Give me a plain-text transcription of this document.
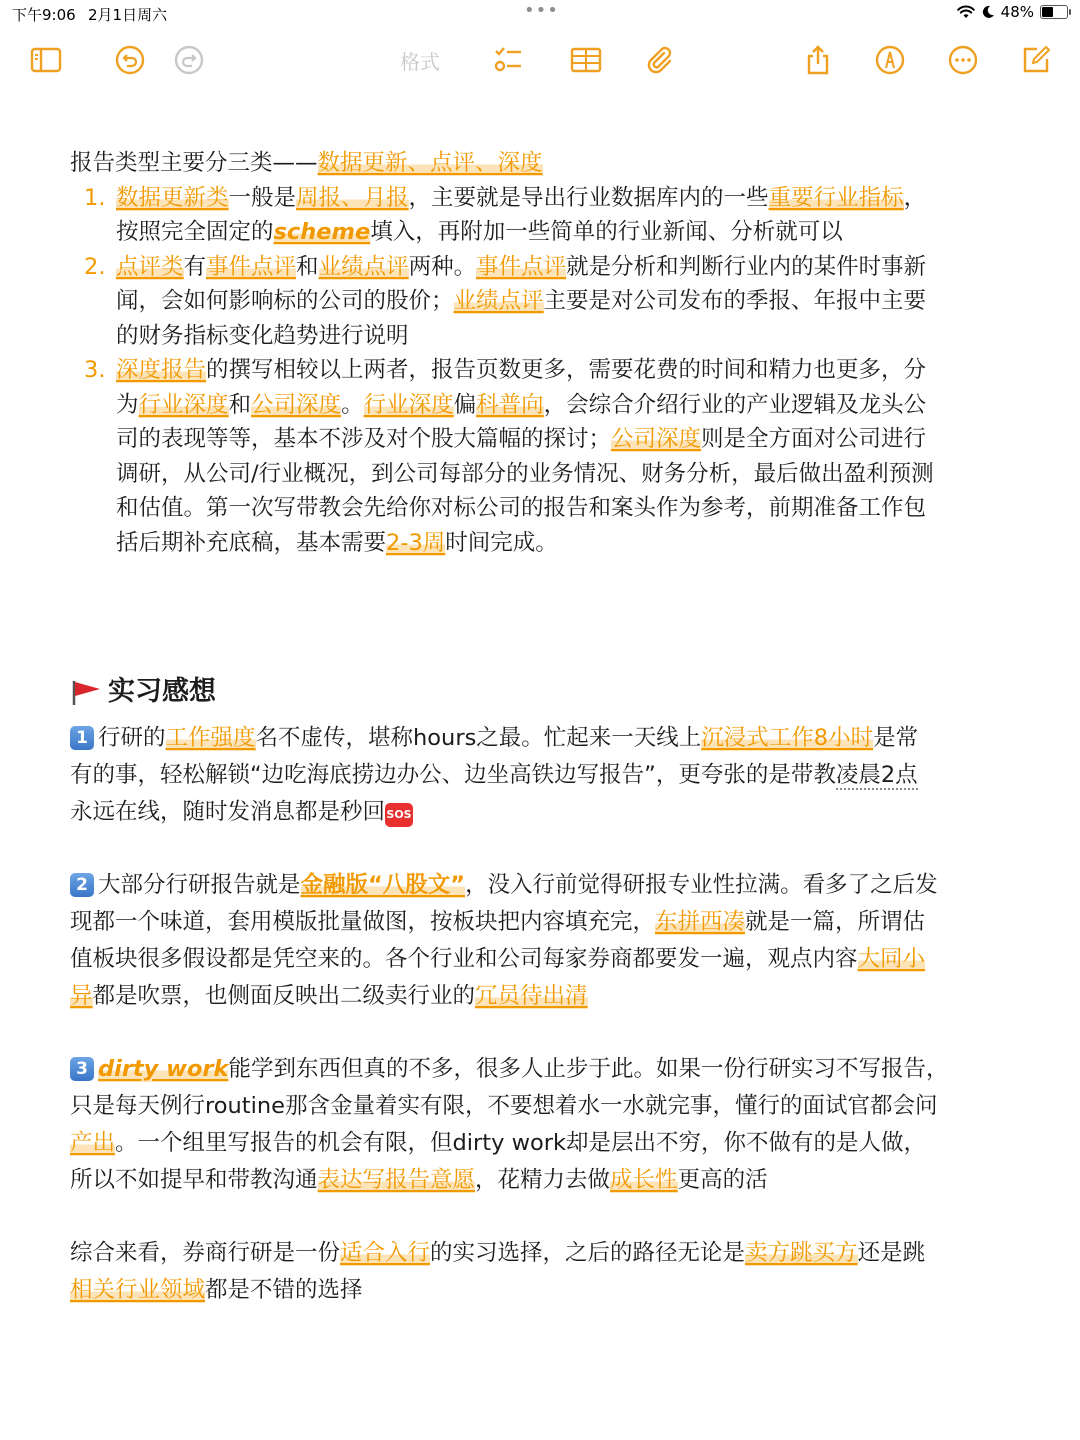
下午9:06 2月1日周六	•••	48%
格式
报告类型主要分三类——数据更新、点评、深度
1. 数据更新类一般是周报、月报，主要就是导出行业数据库内的一些重要行业指标，
按照完全固定的scheme填入，再附加一些简单的行业新闻、分析就可以
2. 点评类有事件点评和业绩点评两种。事件点评就是分析和判断行业内的某件时事新
闻，会如何影响标的公司的股价；业绩点评主要是对公司发布的季报、年报中主要
的财务指标变化趋势进行说明
3. 深度报告的撰写相较以上两者，报告页数更多，需要花费的时间和精力也更多，分
为行业深度和公司深度。行业深度偏科普向，会综合介绍行业的产业逻辑及龙头公
司的表现等等，基本不涉及对个股大篇幅的探讨；公司深度则是全方面对公司进行
调研，从公司/行业概况，到公司每部分的业务情况、财务分析，最后做出盈利预测
和估值。第一次写带教会先给你对标公司的报告和案头作为参考，前期准备工作包
括后期补充底稿，基本需要2-3周时间完成。
实习感想
1 行研的工作强度名不虚传，堪称hours之最。忙起来一天线上沉浸式工作8小时是常
有的事，轻松解锁“边吃海底捞边办公、边坐高铁边写报告”，更夸张的是带教凌晨2点
永远在线，随时发消息都是秒回SOS
2 大部分行研报告就是金融版“八股文”，没入行前觉得研报专业性拉满。看多了之后发
现都一个味道，套用模版批量做图，按板块把内容填充完，东拼西凑就是一篇，所谓估
值板块很多假设都是凭空来的。各个行业和公司每家券商都要发一遍，观点内容大同小
异都是吹票，也侧面反映出二级卖行业的冗员待出清
3 dirty work能学到东西但真的不多，很多人止步于此。如果一份行研实习不写报告，
只是每天例行routine那含金量着实有限，不要想着水一水就完事，懂行的面试官都会问
产出。一个组里写报告的机会有限，但dirty work却是层出不穷，你不做有的是人做，
所以不如提早和带教沟通表达写报告意愿，花精力去做成长性更高的活
综合来看，券商行研是一份适合入行的实习选择，之后的路径无论是卖方跳买方还是跳
相关行业领域都是不错的选择
